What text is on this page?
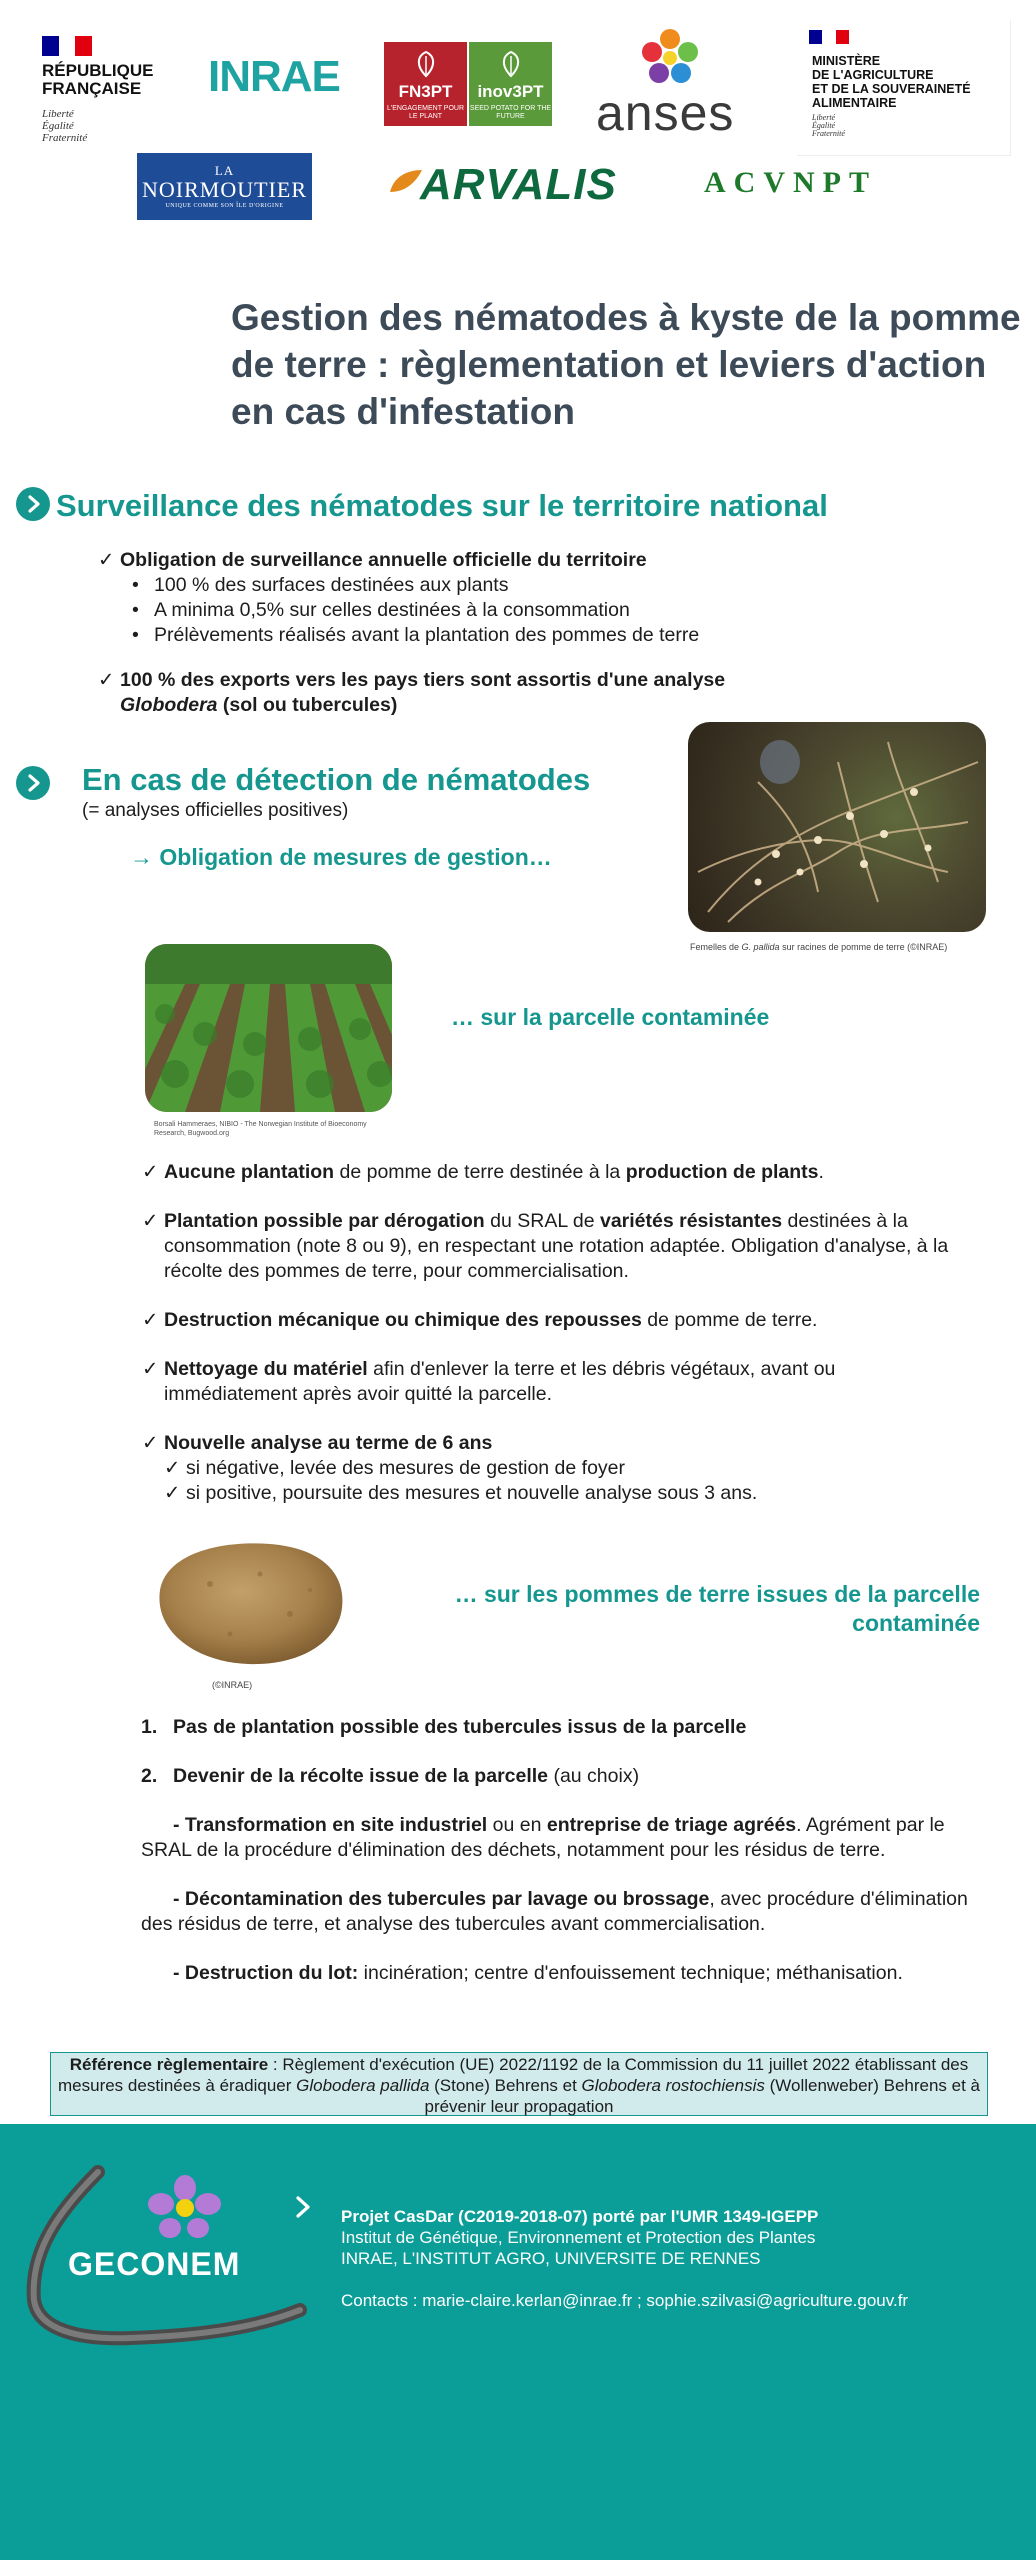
RÉPUBLIQUE
FRANÇAISE
Liberté
Égalité
Fraternité
INRAE	FN3PT
L'ENGAGEMENT POUR LE PLANT
inov3PT
SEED POTATO FOR THE FUTURE	anses
MINISTÈRE
DE L'AGRICULTURE
ET DE LA SOUVERAINETÉ
ALIMENTAIRE
Liberté
Égalité
Fraternité
LA
NOIRMOUTIER
UNIQUE COMME SON ÎLE D'ORIGINE	ARVALIS	ACVNPT
Gestion des nématodes à kyste de la pomme de terre : règlementation et leviers d'action en cas d'infestation
Surveillance des nématodes sur le territoire national
✓ Obligation de surveillance annuelle officielle du territoire
• 100 % des surfaces destinées aux plants
• A minima 0,5% sur celles destinées à la consommation
• Prélèvements réalisés avant la plantation des pommes de terre
✓ 100 % des exports vers les pays tiers sont assortis d'une analyse
Globodera (sol ou tubercules)
En cas de détection de nématodes
(= analyses officielles positives)
→ Obligation de mesures de gestion…
Femelles de G. pallida sur racines de pomme de terre (©INRAE)
Borsali Hammeraes, NIBIO - The Norwegian Institute of Bioeconomy
Research, Bugwood.org
… sur la parcelle contaminée
✓ Aucune plantation de pomme de terre destinée à la production de plants.
✓ Plantation possible par dérogation du SRAL de variétés résistantes destinées à la consommation (note 8 ou 9), en respectant une rotation adaptée. Obligation d'analyse, à la récolte des pommes de terre, pour commercialisation.
✓ Destruction mécanique ou chimique des repousses de pomme de terre.
✓ Nettoyage du matériel afin d'enlever la terre et les débris végétaux, avant ou immédiatement après avoir quitté la parcelle.
✓ Nouvelle analyse au terme de 6 ans
✓ si négative, levée des mesures de gestion de foyer
✓ si positive, poursuite des mesures et nouvelle analyse sous 3 ans.
(©INRAE)
… sur les pommes de terre issues de la parcelle
contaminée
1. Pas de plantation possible des tubercules issus de la parcelle
2. Devenir de la récolte issue de la parcelle (au choix)
- Transformation en site industriel ou en entreprise de triage agréés. Agrément par le SRAL de la procédure d'élimination des déchets, notamment pour les résidus de terre.
- Décontamination des tubercules par lavage ou brossage, avec procédure d'élimination des résidus de terre, et analyse des tubercules avant commercialisation.
- Destruction du lot: incinération; centre d'enfouissement technique; méthanisation.
Référence règlementaire : Règlement d'exécution (UE) 2022/1192 de la Commission du 11 juillet 2022 établissant des mesures destinées à éradiquer Globodera pallida (Stone) Behrens et Globodera rostochiensis (Wollenweber) Behrens et à prévenir leur propagation
GECONEM
Projet CasDar (C2019-2018-07) porté par l'UMR 1349-IGEPP
Institut de Génétique, Environnement et Protection des Plantes
INRAE, L'INSTITUT AGRO, UNIVERSITE DE RENNES
Contacts : marie-claire.kerlan@inrae.fr ; sophie.szilvasi@agriculture.gouv.fr
